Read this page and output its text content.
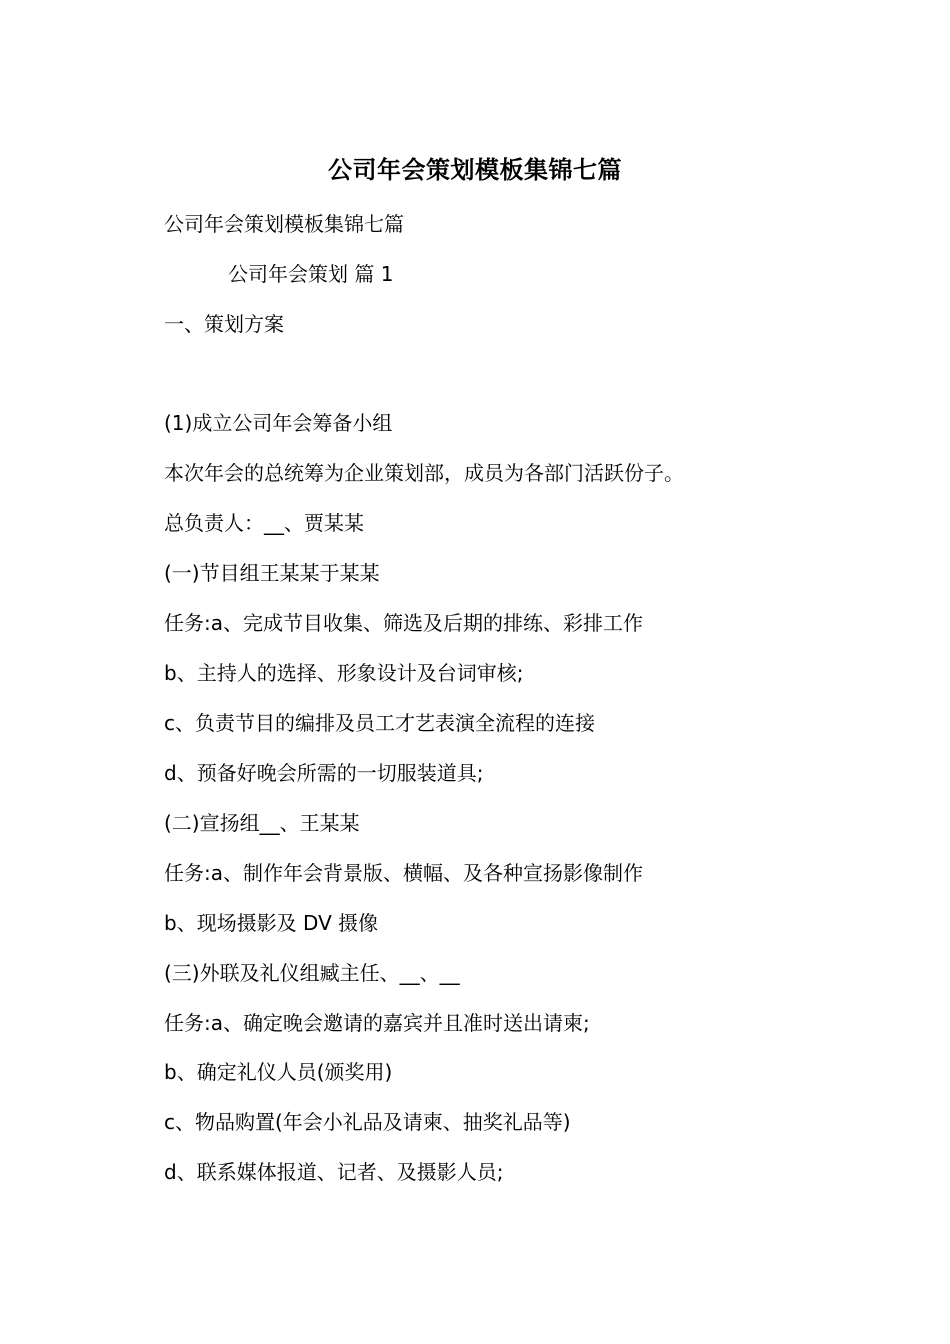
公司年会策划模板集锦七篇
公司年会策划模板集锦七篇
公司年会策划 篇 1
一、策划方案
(1)成立公司年会筹备小组
本次年会的总统筹为企业策划部，成员为各部门活跃份子。
总负责人：__、贾某某
(一)节目组王某某于某某
任务:a、完成节目收集、筛选及后期的排练、彩排工作
b、主持人的选择、形象设计及台词审核;
c、负责节目的编排及员工才艺表演全流程的连接
d、预备好晚会所需的一切服装道具;
(二)宣扬组__、王某某
任务:a、制作年会背景版、横幅、及各种宣扬影像制作
b、现场摄影及 DV 摄像
(三)外联及礼仪组臧主任、__、__
任务:a、确定晚会邀请的嘉宾并且准时送出请柬;
b、确定礼仪人员(颁奖用)
c、物品购置(年会小礼品及请柬、抽奖礼品等)
d、联系媒体报道、记者、及摄影人员;
